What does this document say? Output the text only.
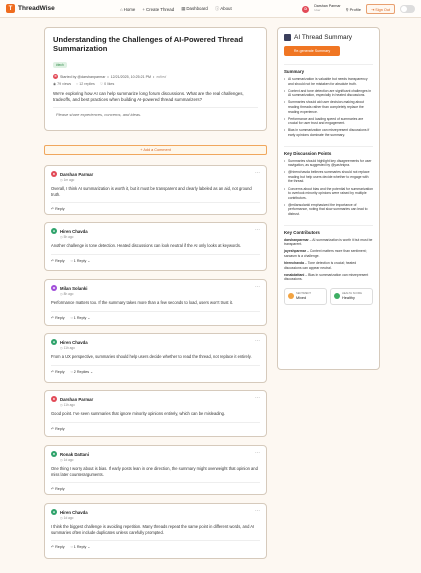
T ThreadWise	⌂Home +Create Thread ▦Dashboard ⓘAbout	D
Darshan Parmar
User	⚲ Profile	⇥ Sign Out
Understanding the Challenges of AI-Powered Thread Summarization
#tech
D Started by @darshanparmar • 12/21/2025, 10:25:21 PM • edited
◉ 79 views ◌ 12 replies ♡ 0 likes
We're exploring how AI can help summarize long forum discussions. What are the real challenges, tradeoffs, and best practices when building AI-powered thread summarizers?
Please share experiences, concerns, and ideas.
+ Add a Comment
D	Darshan Parmar	⋯
◷ 1m ago
Overall, I think AI summarization is worth it, but it must be transparent and clearly labeled as an aid, not ground truth.
↶ Reply
H	Hiren Chavda	⋯
◷ 5h ago
Another challenge is tone detection. Heated discussions can look neutral if the AI only looks at keywords.
↶ Reply ◌ 1 Reply ⌄
M	Milan Solanki	⋯
◷ 8h ago
Performance matters too. If the summary takes more than a few seconds to load, users won't trust it.
↶ Reply ◌ 1 Reply ⌄
H	Hiren Chavda	⋯
◷ 11h ago
From a UX perspective, summaries should help users decide whether to read the thread, not replace it entirely.
↶ Reply ◌ 2 Replies ⌄
D	Darshan Parmar	⋯
◷ 11h ago
Good point. I've seen summaries that ignore minority opinions entirely, which can be misleading.
↶ Reply
R	Ronak Dattani	⋯
◷ 1d ago
One thing I worry about is bias. If early posts lean in one direction, the summary might overweight that opinion and miss later counterarguments.
↶ Reply
H	Hiren Chavda	⋯
◷ 1d ago
I think the biggest challenge is avoiding repetition. Many threads repeat the same point in different words, and AI summaries often include duplicates unless carefully prompted.
↶ Reply ◌ 1 Reply ⌄
AI Thread Summary
Re-generate Summary
Summary
• AI summarization is valuable but needs transparency and should not be mistaken for absolute truth.
• Context and tone detection are significant challenges in AI summarization, especially in heated discussions.
• Summaries should aid user decision-making about reading threads rather than completely replace the reading experience.
• Performance and loading speed of summaries are crucial for user trust and engagement.
• Bias in summarization can misrepresent discussions if early opinions dominate the summary.
Key Discussion Points
• Summaries should highlight key disagreements for user navigation, as suggested by @yashnipra.
• @hirenchavda believes summaries should not replace reading but help users decide whether to engage with the thread.
• Concerns about bias and the potential for summarization to overlook minority opinions were raised by multiple contributors.
• @milansolanki emphasized the importance of performance, noting that slow summaries can lead to distrust.
Key Contributors
darshanparmar – AI summarization is worth it but must be transparent.
jayeshparmar – Context matters more than sentiment; sarcasm is a challenge.
hirenchavda – Tone detection is crucial; heated discussions can appear neutral.
ronakdattani – Bias in summarization can misrepresent discussions.
SENTIMENT
Mixed
HEALTH SCORE
Healthy
